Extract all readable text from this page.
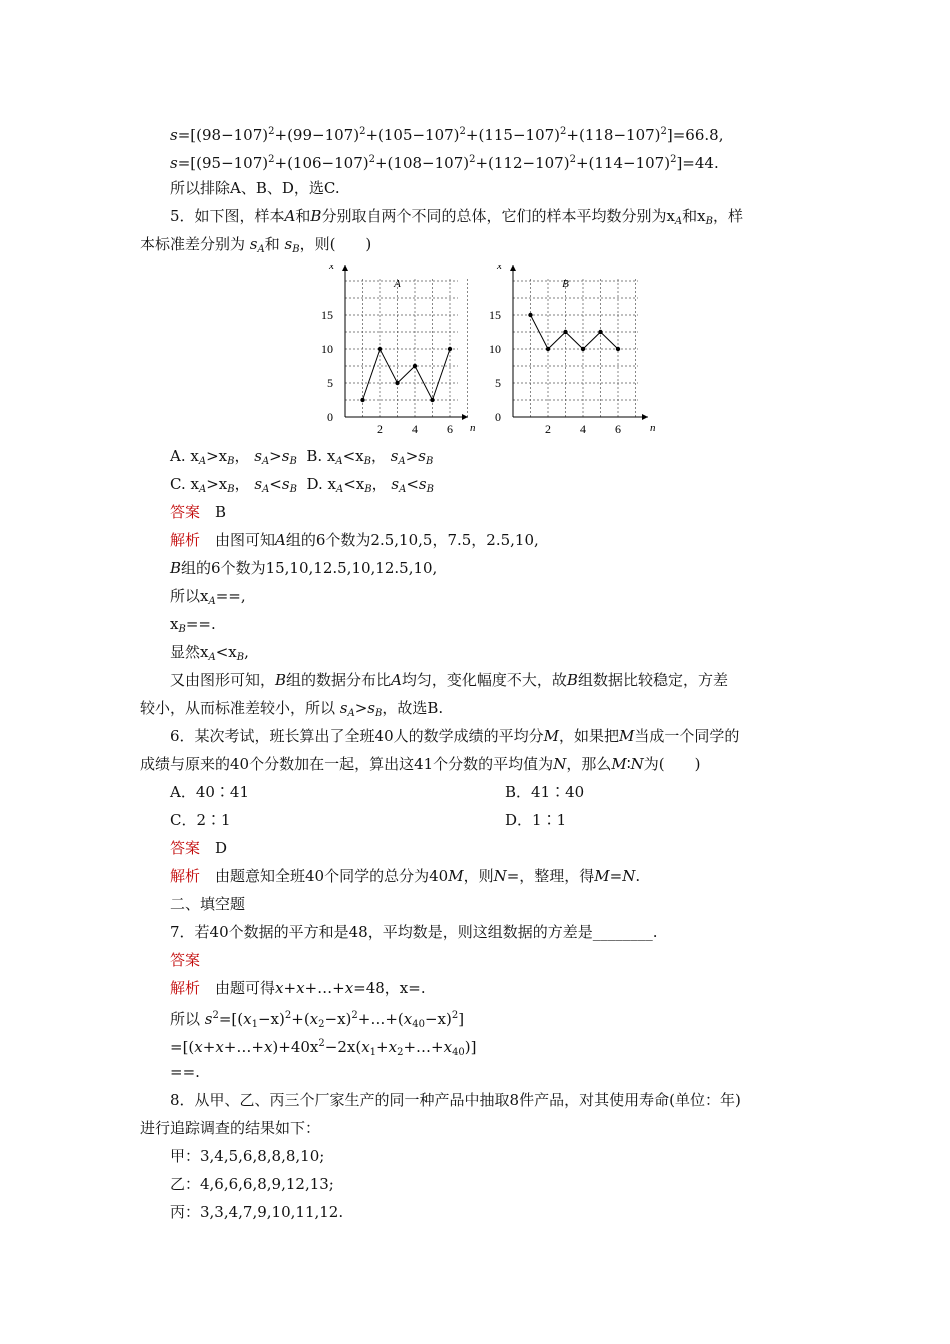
$s=[(98-107)^2+(99-107)^2+(105-107)^2+(115-107)^2+(118-107)^2]=66.8$,
$s=[(95-107)^2+(106-107)^2+(108-107)^2+(112-107)^2+(114-107)^2]=44$.
所以排除A、B、D，选C.
5．如下图，样本A和B分别取自两个不同的总体，它们的样本平均数分别为$x_A$和$x_B$，样
本标准差分别为 $s_A$和 $s_B$，则(　　)
2 4 6
5
10
15
0
n
x
A
2 4 6
5
10
15
0
n
x
B
A. $x_A>x_B$， $s_A>s_B$  B. $x_A<x_B$， $s_A>s_B$
C. $x_A>x_B$， $s_A<s_B$  D. $x_A<x_B$， $s_A<s_B$
答案　 B
解析　由图可知A组的6个数为2.5,10,5，7.5，2.5,10,
B组的6个数为15,10,12.5,10,12.5,10,
所以$x_A==$,
$x_B==$.
显然$x_A<x_B$,
又由图形可知，B组的数据分布比A均匀，变化幅度不大，故B组数据比较稳定，方差
较小，从而标准差较小，所以 $s_A>s_B$，故选B.
6．某次考试，班长算出了全班40人的数学成绩的平均分M，如果把M当成一个同学的
成绩与原来的40个分数加在一起，算出这41个分数的平均值为N，那么M∶N为(　　)
A．40∶41	B．41∶40
C．2∶1	D．1∶1
答案　 D
解析　由题意知全班40个同学的总分为40M，则N=，整理，得M=N.
二、填空题
7．若40个数据的平方和是48，平均数是，则这组数据的方差是________.
答案
解析　由题可得x+x+…+x=48，x=.
所以 $s^2=[(x_1-x)^2+(x_2-x)^2+\dots+(x_{40}-x)^2]$
$=[(x+x+\dots+x)+40x^2-2x(x_1+x_2+\dots+x_{40})]$
==.
8．从甲、乙、丙三个厂家生产的同一种产品中抽取8件产品，对其使用寿命(单位：年)
进行追踪调查的结果如下：
甲：3,4,5,6,8,8,8,10;
乙：4,6,6,6,8,9,12,13;
丙：3,3,4,7,9,10,11,12.
